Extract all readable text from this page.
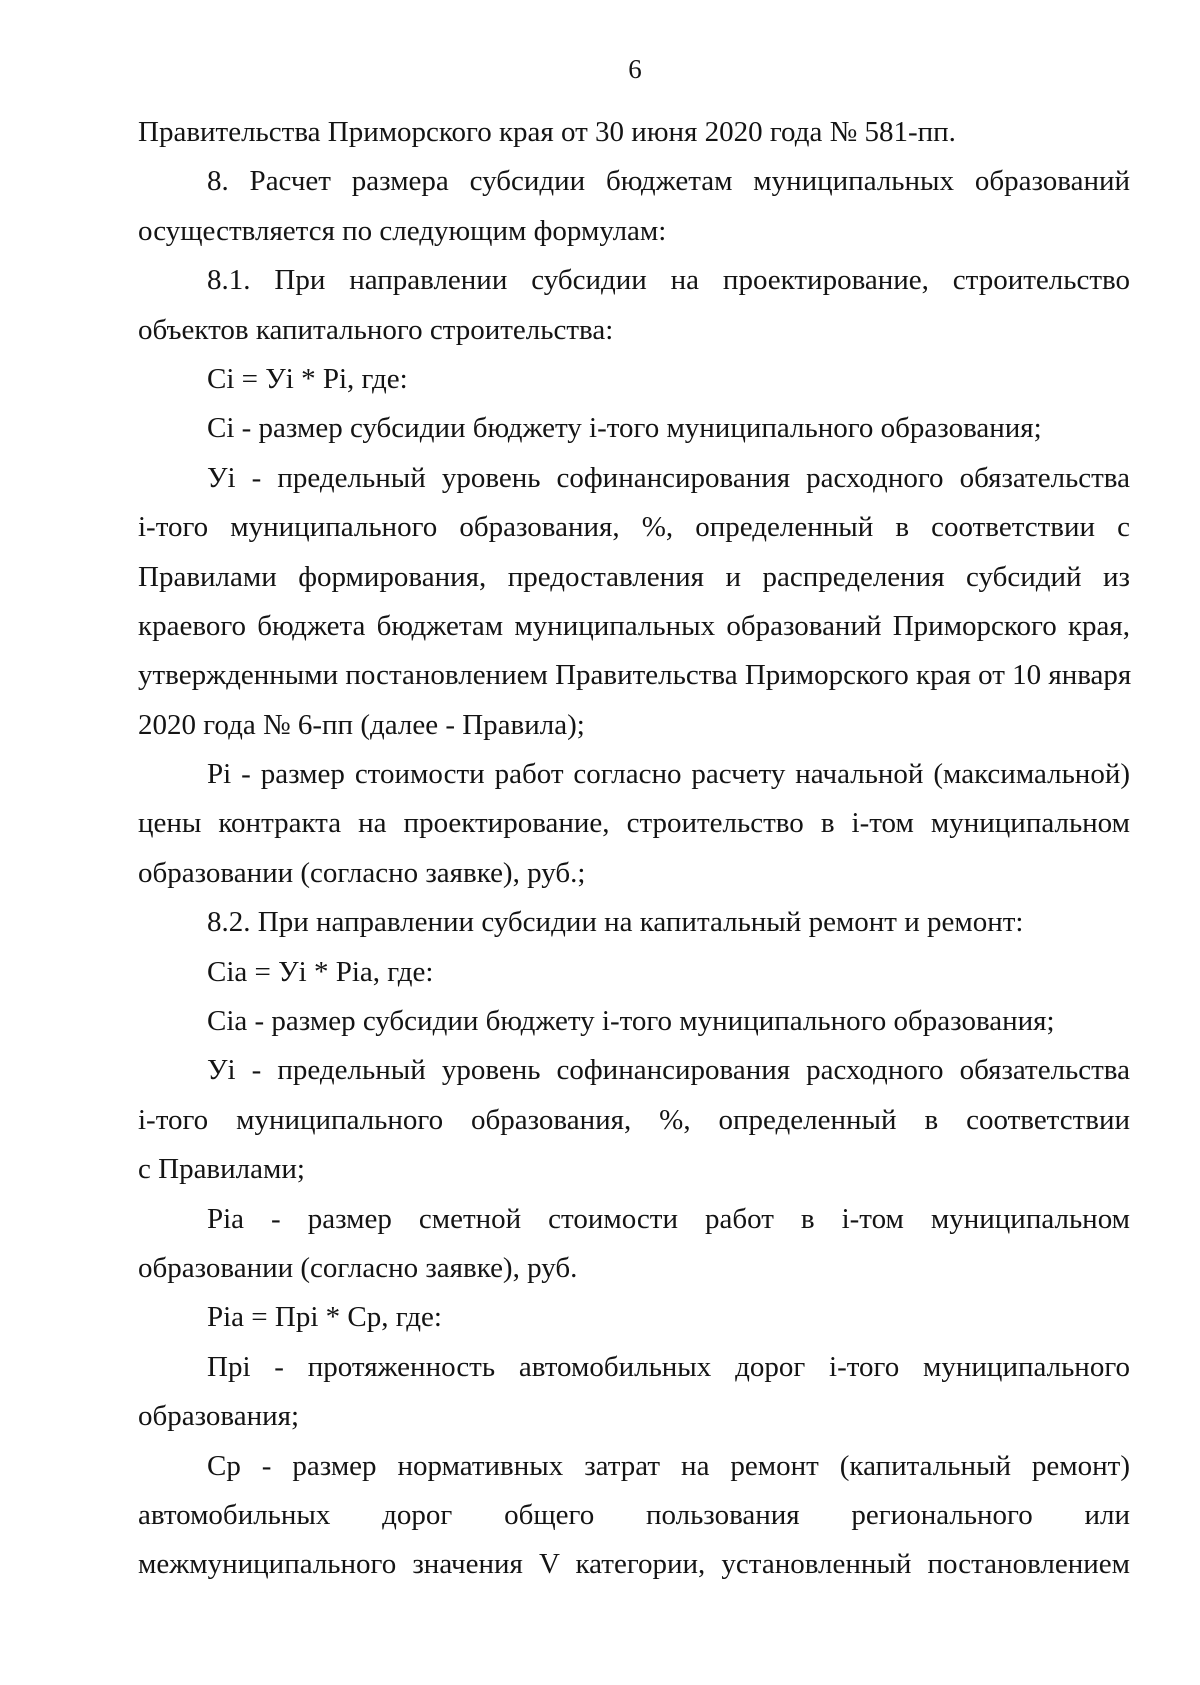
6
Правительства Приморского края от 30 июня 2020 года № 581-пп.
8. Расчет размера субсидии бюджетам муниципальных образований
осуществляется по следующим формулам:
8.1. При направлении субсидии на проектирование, строительство
объектов капитального строительства:
Ci = Уi * Pi, где:
Ci - размер субсидии бюджету i-того муниципального образования;
Уi - предельный уровень софинансирования расходного обязательства
i-того муниципального образования, %, определенный в соответствии с
Правилами формирования, предоставления и распределения субсидий из
краевого бюджета бюджетам муниципальных образований Приморского края,
утвержденными постановлением Правительства Приморского края от 10 января
2020 года № 6-пп (далее - Правила);
Pi - размер стоимости работ согласно расчету начальной (максимальной)
цены контракта на проектирование, строительство в i-том муниципальном
образовании (согласно заявке), руб.;
8.2. При направлении субсидии на капитальный ремонт и ремонт:
Cia = Уi * Pia, где:
Cia - размер субсидии бюджету i-того муниципального образования;
Уi - предельный уровень софинансирования расходного обязательства
i-того муниципального образования, %, определенный в соответствии
с Правилами;
Pia - размер сметной стоимости работ в i-том муниципальном
образовании (согласно заявке), руб.
Pia = Пpi * Cp, где:
Пpi - протяженность автомобильных дорог i-того муниципального
образования;
Cp - размер нормативных затрат на ремонт (капитальный ремонт)
автомобильных дорог общего пользования регионального или
межмуниципального значения V категории, установленный постановлением
